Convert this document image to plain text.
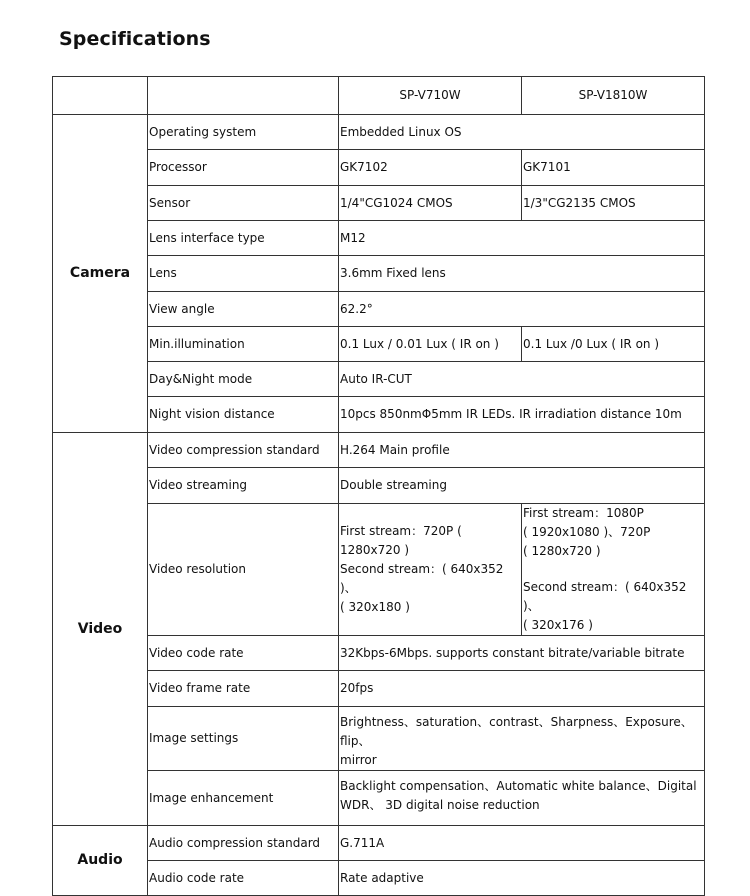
Specifications
		SP-V710W	SP-V1810W
Camera	Operating system	Embedded Linux OS	
	Processor	GK7102	GK7101
	Sensor	1/4"CG1024 CMOS	1/3"CG2135 CMOS
	Lens interface type	M12	
	Lens	3.6mm Fixed lens	
	View angle	62.2°	
	Min.illumination	0.1 Lux / 0.01 Lux ( IR on )	0.1 Lux /0 Lux ( IR on )
	Day&Night mode	Auto IR-CUT	
	Night vision distance	10pcs 850nmΦ5mm IR LEDs. IR irradiation distance 10m	
Video	Video compression standard	H.264 Main profile	
	Video streaming	Double streaming	
	Video resolution	First stream：720P ( 1280x720 )
Second stream：( 640x352 )、
( 320x180 )	First stream：1080P
( 1920x1080 )、720P
( 1280x720 )
Second stream：( 640x352 )、
( 320x176 )

	Video code rate	32Kbps-6Mbps. supports constant bitrate/variable bitrate	
	Video frame rate	20fps	
	Image settings	Brightness、saturation、contrast、Sharpness、Exposure、flip、
mirror	

	Image enhancement	Backlight compensation、Automatic white balance、Digital
WDR、 3D digital noise reduction	

Audio	Audio compression standard	G.711A	
	Audio code rate	Rate adaptive	
